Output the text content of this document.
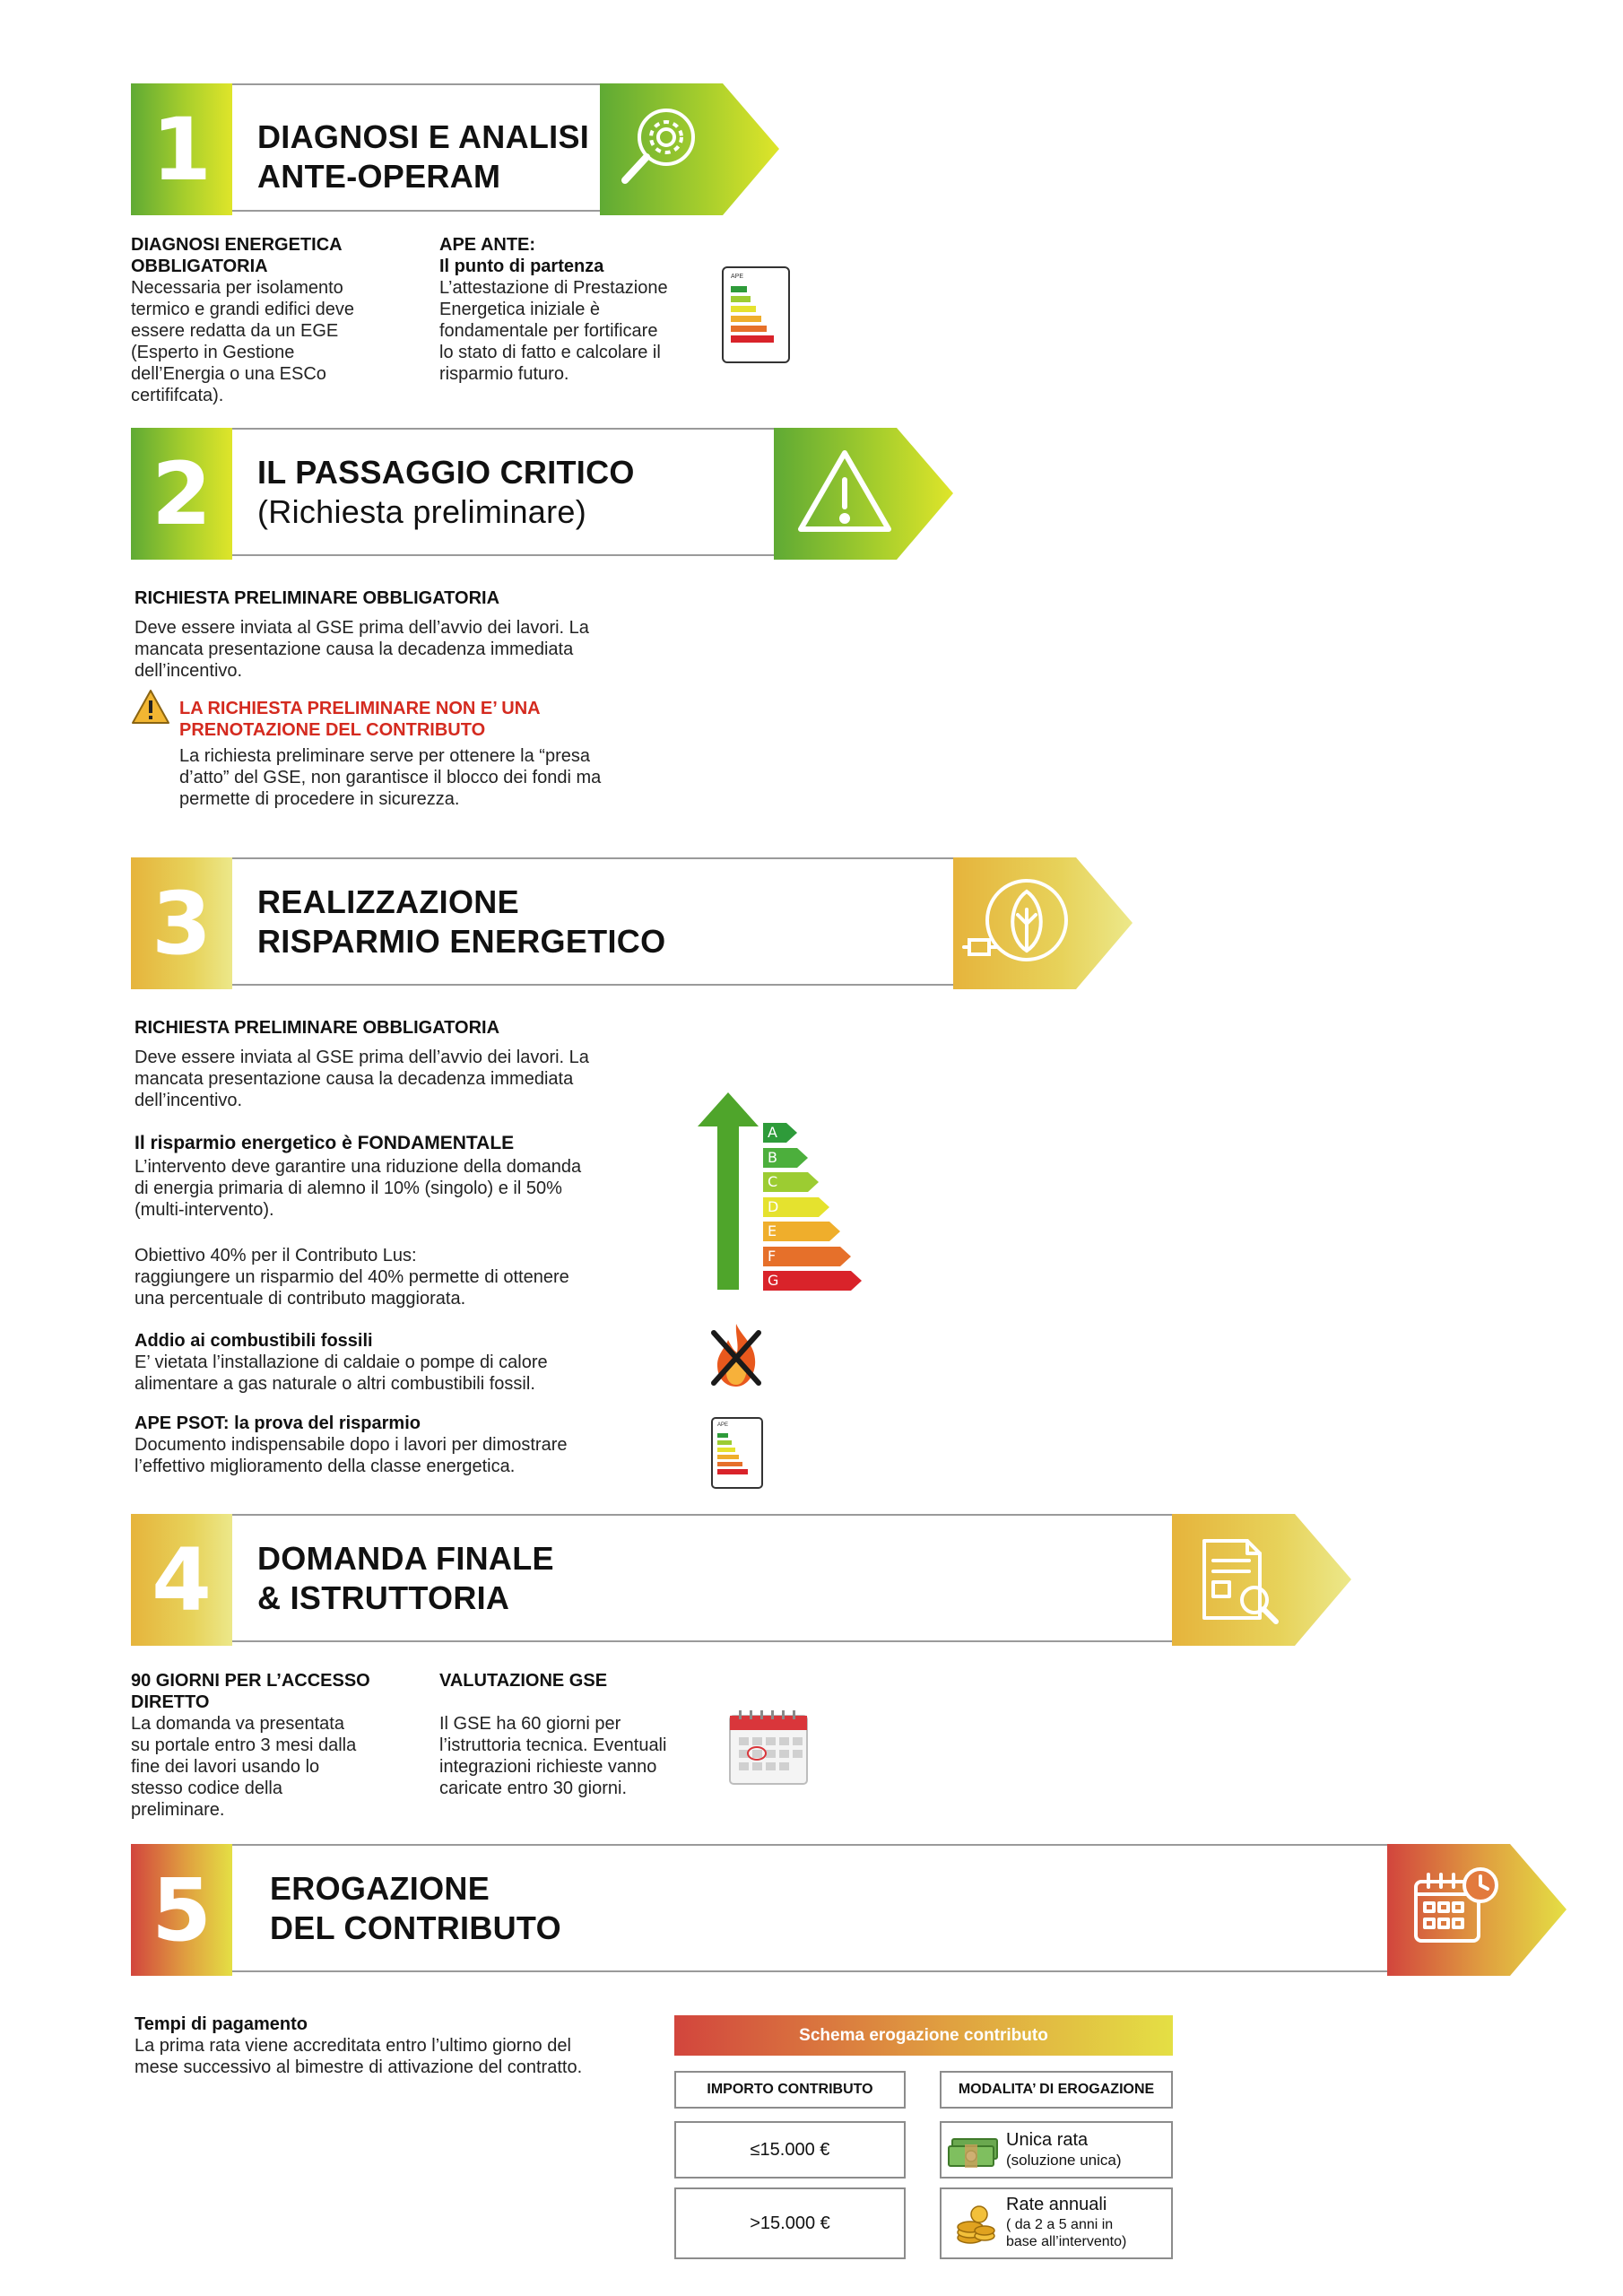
1 DIAGNOSI E ANALISI
ANTE-OPERAM
DIAGNOSI ENERGETICA
OBBLIGATORIA
Necessaria per isolamento
termico e grandi edifici deve
essere redatta da un EGE
(Esperto in Gestione
dell’Energia o una ESCo
certififcata).
APE ANTE:
Il punto di partenza
L’attestazione di Prestazione
Energetica iniziale è
fondamentale per fortificare
lo stato di fatto e calcolare il
risparmio futuro.
APE
2 IL PASSAGGIO CRITICO
(Richiesta preliminare)
RICHIESTA PRELIMINARE OBBLIGATORIA
Deve essere inviata al GSE prima dell’avvio dei lavori. La
mancata presentazione causa la decadenza immediata
dell’incentivo.
LA RICHIESTA PRELIMINARE NON E’ UNA
PRENOTAZIONE DEL CONTRIBUTO
La richiesta preliminare serve per ottenere la “presa
d’atto” del GSE, non garantisce il blocco dei fondi ma
permette di procedere in sicurezza.
3 REALIZZAZIONE
RISPARMIO ENERGETICO
RICHIESTA PRELIMINARE OBBLIGATORIA
Deve essere inviata al GSE prima dell’avvio dei lavori. La
mancata presentazione causa la decadenza immediata
dell’incentivo.
Il risparmio energetico è FONDAMENTALE
L’intervento deve garantire una riduzione della domanda
di energia primaria di alemno il 10% (singolo) e il 50%
(multi-intervento).
Obiettivo 40% per il Contributo Lus:
raggiungere un risparmio del 40% permette di ottenere
una percentuale di contributo maggiorata.
A
B
C
D
E
F
G
Addio ai combustibili fossili
E’ vietata l’installazione di caldaie o pompe di calore
alimentare a gas naturale o altri combustibili fossil.
APE PSOT: la prova del risparmio
Documento indispensabile dopo i lavori per dimostrare
l’effettivo miglioramento della classe energetica.
APE
4 DOMANDA FINALE
& ISTRUTTORIA
90 GIORNI PER L’ACCESSO
DIRETTO
La domanda va presentata
su portale entro 3 mesi dalla
fine dei lavori usando lo
stesso codice della
preliminare.
VALUTAZIONE GSE
Il GSE ha 60 giorni per
l’istruttoria tecnica. Eventuali
integrazioni richieste vanno
caricate entro 30 giorni.
5 EROGAZIONE
DEL CONTRIBUTO
Tempi di pagamento
La prima rata viene accreditata entro l’ultimo giorno del
mese successivo al bimestre di attivazione del contratto.
Schema erogazione contributo
IMPORTO CONTRIBUTO	MODALITA’ DI EROGAZIONE
≤15.000 €	Unica rata
(soluzione unica)
>15.000 €
Rate annuali
( da 2 a 5 anni in
base all’intervento)
